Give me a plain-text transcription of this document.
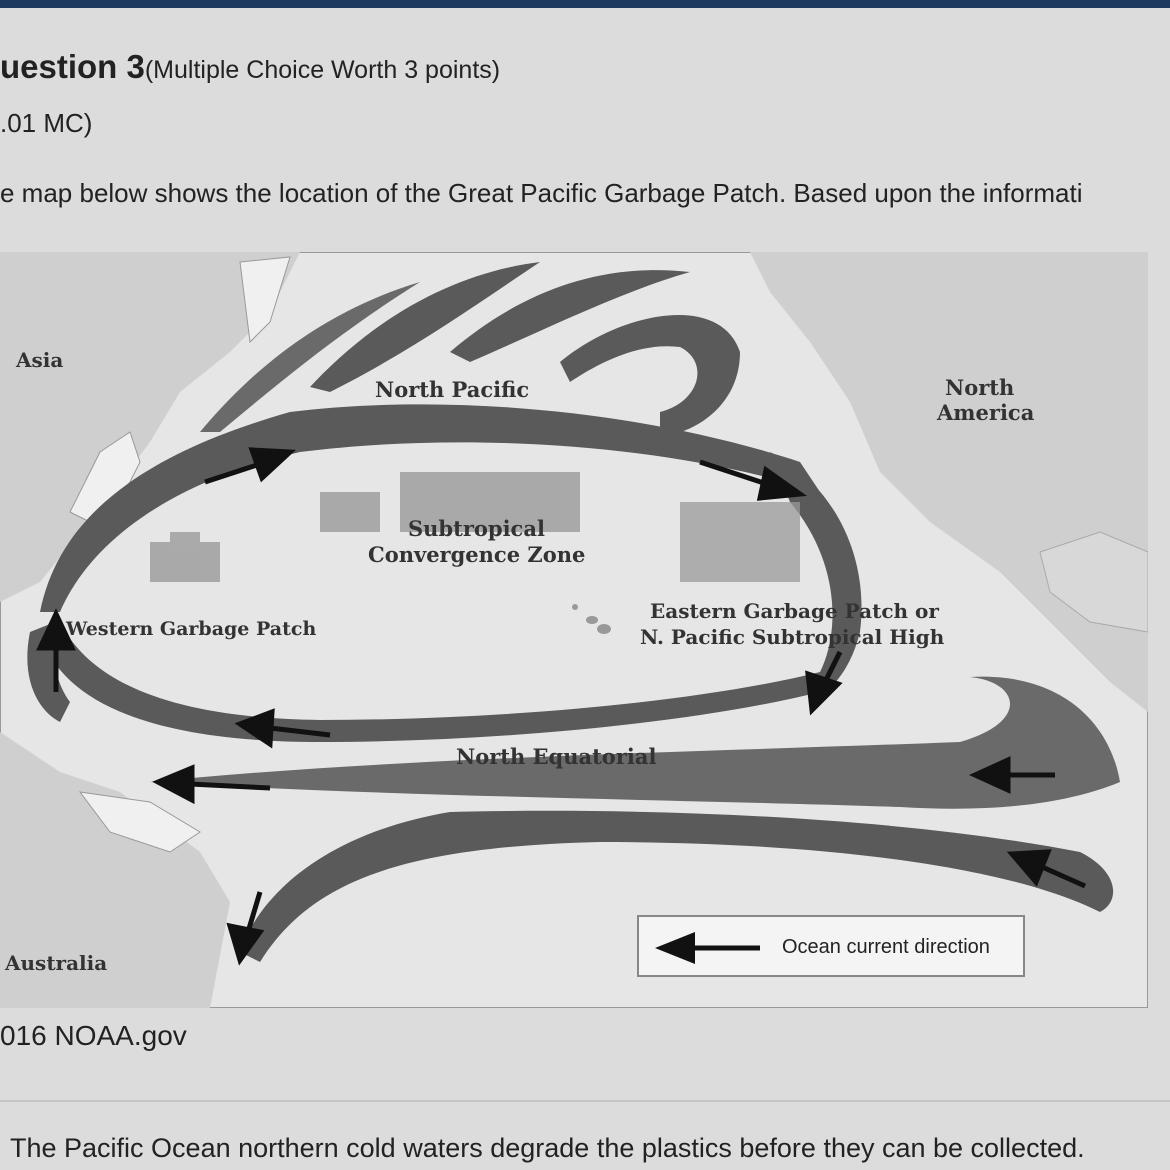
uestion 3(Multiple Choice Worth 3 points)
.01 MC)
e map below shows the location of the Great Pacific Garbage Patch. Based upon the informati
Asia
North Pacific	North
America
Subtropical
Convergence Zone
Western Garbage Patch
Eastern Garbage Patch or
N. Pacific Subtropical High
North Equatorial
Australia
Ocean current direction
016 NOAA.gov
The Pacific Ocean northern cold waters degrade the plastics before they can be collected.
